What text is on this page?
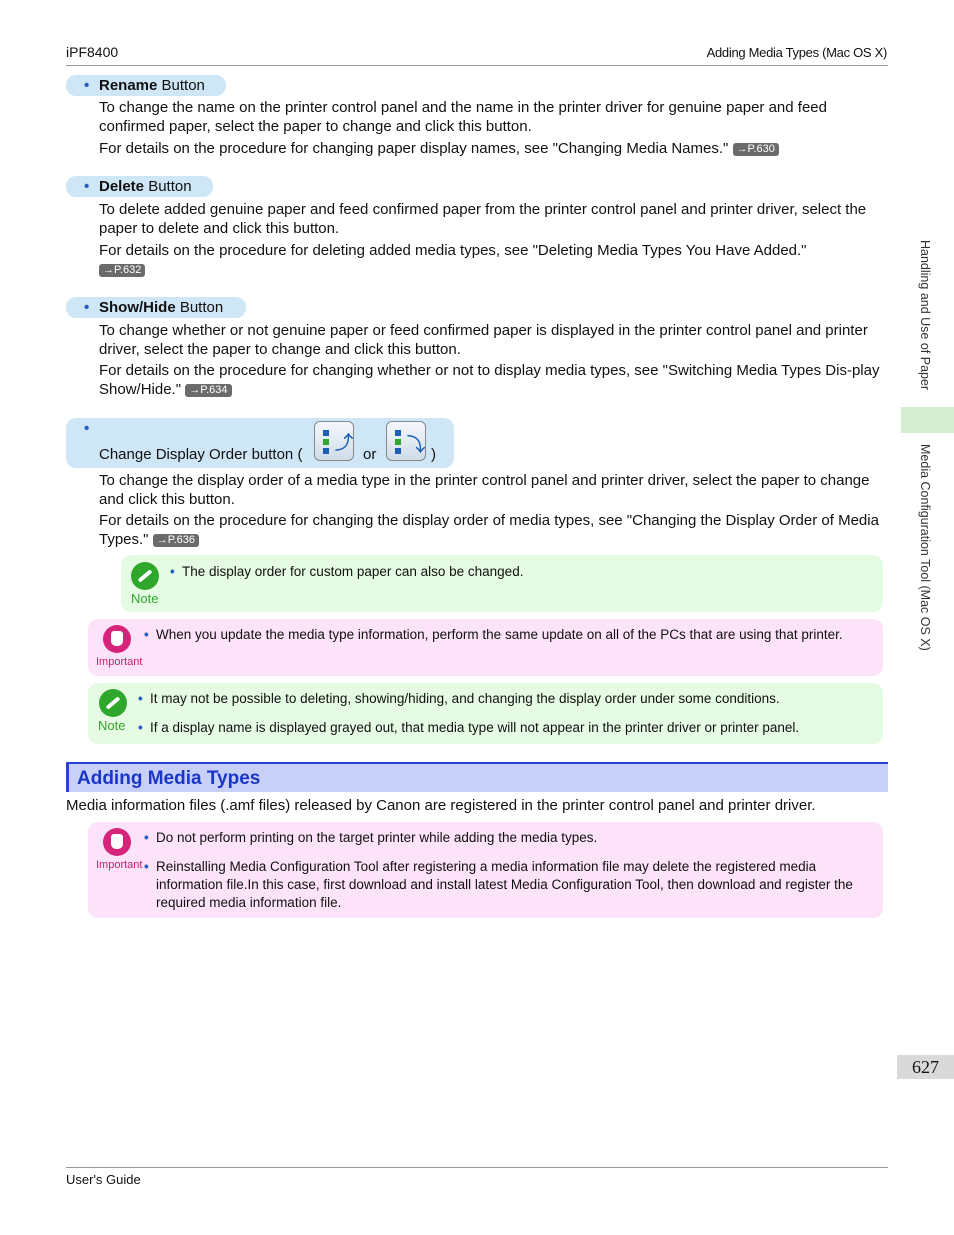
iPF8400	Adding Media Types (Mac OS X)
• Rename Button
To change the name on the printer control panel and the name in the printer driver for genuine paper and feed confirmed paper, select the paper to change and click this button.
For details on the procedure for changing paper display names, see "Changing Media Names." →P.630
• Delete Button
To delete added genuine paper and feed confirmed paper from the printer control panel and printer driver, select the paper to delete and click this button.
For details on the procedure for deleting added media types, see "Deleting Media Types You Have Added."
→P.632
• Show/Hide Button
To change whether or not genuine paper or feed confirmed paper is displayed in the printer control panel and printer driver, select the paper to change and click this button.
For details on the procedure for changing whether or not to display media types, see "Switching Media Types Dis-play Show/Hide." →P.634
•
Change Display Order button (
⤴
or ⤵ )
To change the display order of a media type in the printer control panel and printer driver, select the paper to change and click this button.
For details on the procedure for changing the display order of media types, see "Changing the Display Order of Media Types." →P.636
Note
• The display order for custom paper can also be changed.
Important
• When you update the media type information, perform the same update on all of the PCs that are using that printer.
Note
• It may not be possible to deleting, showing/hiding, and changing the display order under some conditions.
• If a display name is displayed grayed out, that media type will not appear in the printer driver or printer panel.
Adding Media Types
Media information files (.amf files) released by Canon are registered in the printer control panel and printer driver.
Important
• Do not perform printing on the target printer while adding the media types.
• Reinstalling Media Configuration Tool after registering a media information file may delete the registered media information file.In this case, first download and install latest Media Configuration Tool, then download and register the required media information file.
Handling and Use of Paper
Media Configuration Tool (Mac OS X)
627
User's Guide
